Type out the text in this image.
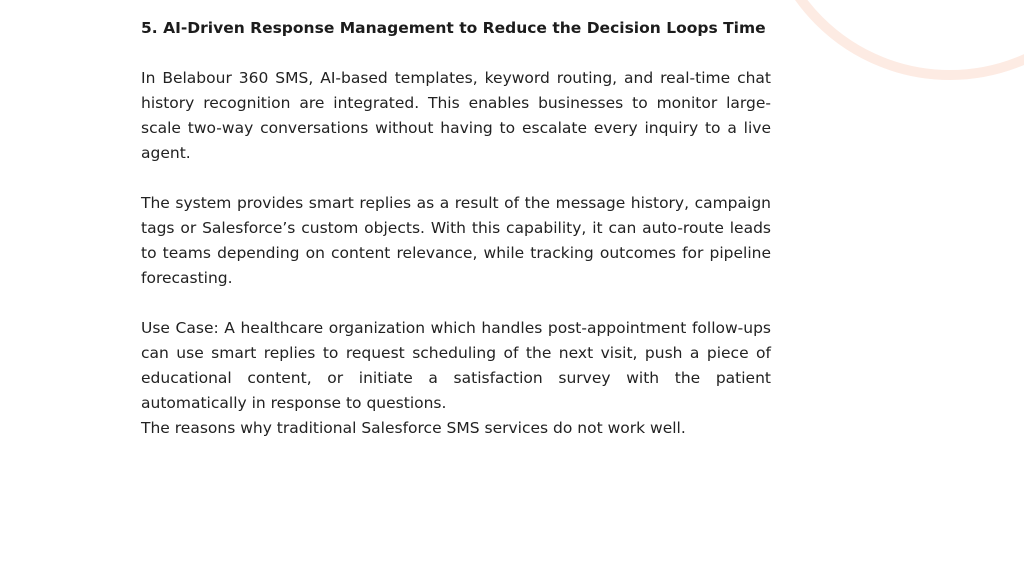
5. AI-Driven Response Management to Reduce the Decision Loops Time

In Belabour 360 SMS, AI-based templates, keyword routing, and real-time chat history recognition are integrated. This enables businesses to monitor large-scale two-way conversations without having to escalate every inquiry to a live agent.

The system provides smart replies as a result of the message history, campaign tags or Salesforce’s custom objects. With this capability, it can auto-route leads to teams depending on content relevance, while tracking outcomes for pipeline forecasting.

Use Case: A healthcare organization which handles post-appointment follow-ups can use smart replies to request scheduling of the next visit, push a piece of educational content, or initiate a satisfaction survey with the patient automatically in response to questions.

The reasons why traditional Salesforce SMS services do not work well.
